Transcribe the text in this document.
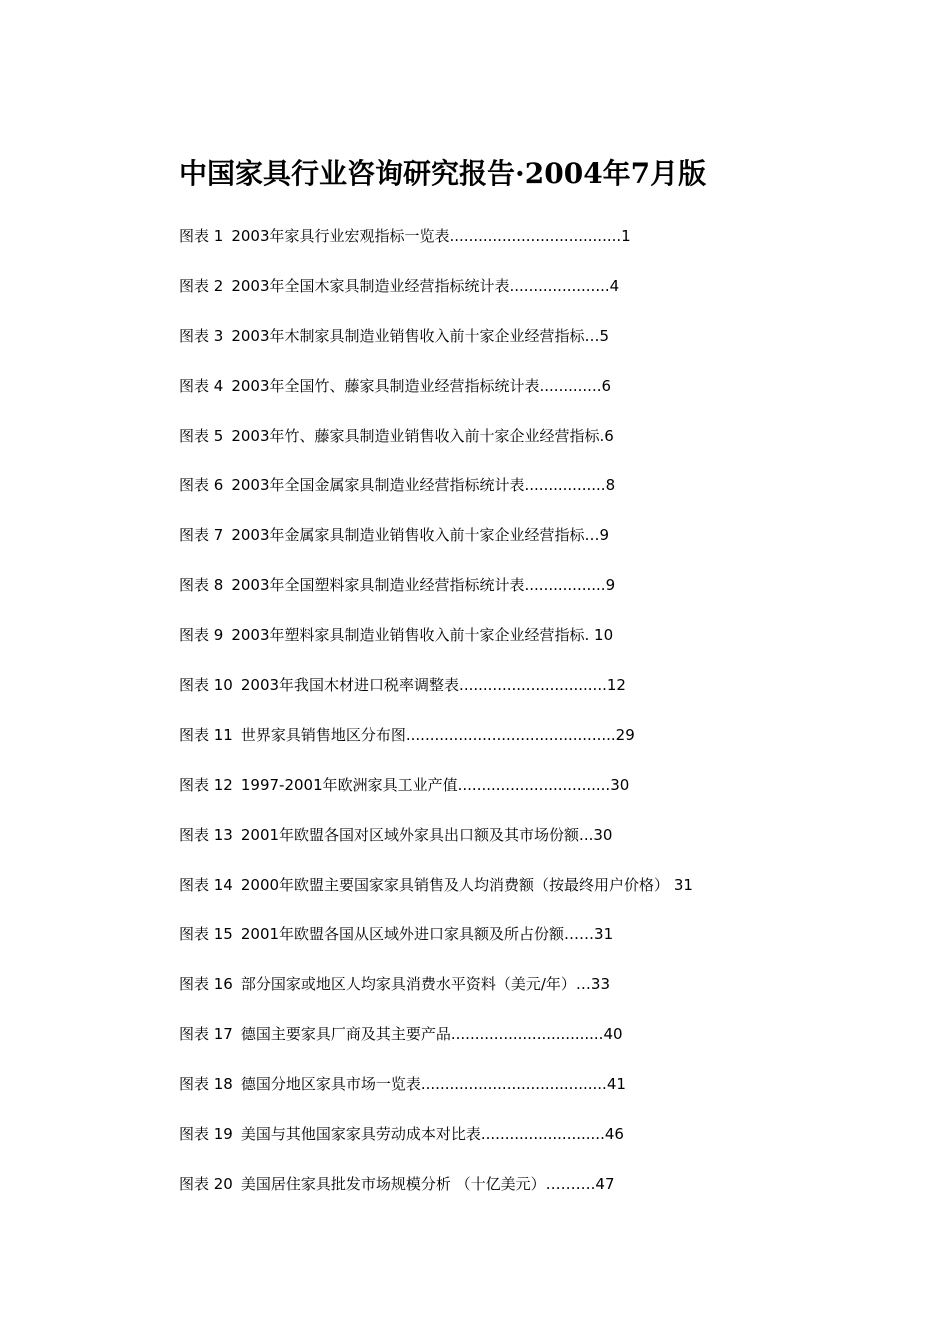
中国家具行业咨询研究报告·2004年7月版
图表 1 2003年家具行业宏观指标一览表....................................1
图表 2 2003年全国木家具制造业经营指标统计表.....................4
图表 3 2003年木制家具制造业销售收入前十家企业经营指标…5
图表 4 2003年全国竹、藤家具制造业经营指标统计表.............6
图表 5 2003年竹、藤家具制造业销售收入前十家企业经营指标.6
图表 6 2003年全国金属家具制造业经营指标统计表.................8
图表 7 2003年金属家具制造业销售收入前十家企业经营指标…9
图表 8 2003年全国塑料家具制造业经营指标统计表.................9
图表 9 2003年塑料家具制造业销售收入前十家企业经营指标. 10
图表 10 2003年我国木材进口税率调整表...............................12
图表 11 世界家具销售地区分布图............................................29
图表 12 1997-2001年欧洲家具工业产值................................30
图表 13 2001年欧盟各国对区域外家具出口额及其市场份额...30
图表 14 2000年欧盟主要国家家具销售及人均消费额（按最终用户价格） 31
图表 15 2001年欧盟各国从区域外进口家具额及所占份额……31
图表 16 部分国家或地区人均家具消费水平资料（美元/年）…33
图表 17 德国主要家具厂商及其主要产品................................40
图表 18 德国分地区家具市场一览表.......................................41
图表 19 美国与其他国家家具劳动成本对比表..........................46
图表 20 美国居住家具批发市场规模分析 （十亿美元）……….47
